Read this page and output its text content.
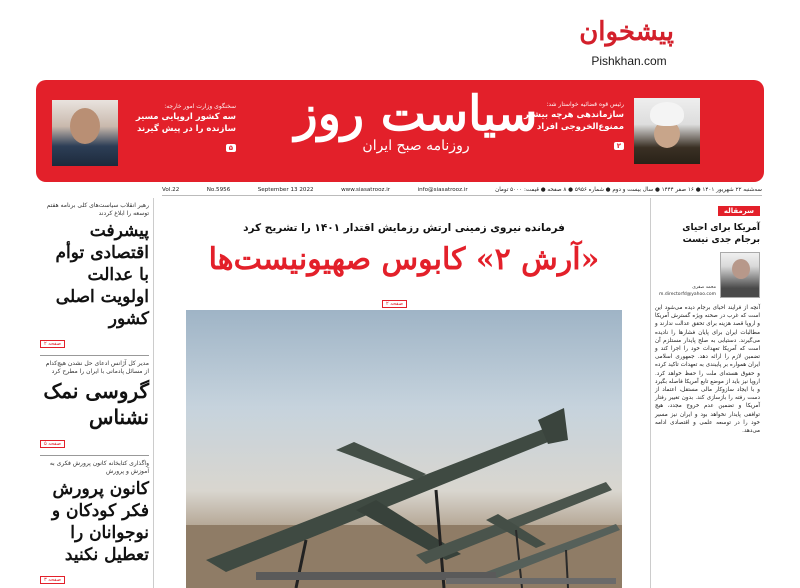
پیشخوان
Pishkhan.com
سخنگوی وزارت امور خارجه:
سه کشور اروپایی مسیر سازنده را در پیش گیرند
۵
سیاست روز
روزنامه صبح ایران
رئیس قوه قضائیه خواستار شد:
سازماندهی هرچه بیشتر ممنوع‌الخروجی افراد
۲
سه‌شنبه ۲۲ شهریور ۱۴۰۱ ● ۱۶ صفر ۱۴۴۴ ● سال بیست و دوم ● شماره ۵۹۵۶ ● ۸ صفحه ● قیمت: ۵۰۰۰ تومان
info@siasatrooz.ir
www.siasatrooz.ir
September 13 2022
No.5956
Vol.22
سرمقاله
آمریکا برای احیای برجام جدی نیست
محمد صفری
m.directorfd@yahoo.com
آنچه از فرایند احیای برجام دیده می‌شود این است که غرب در صحنه ویژه گسترش آمریکا و اروپا قصد هزینه برای تحقق عدالت ندارند و مطالبات ایران برای پایان فشارها را نادیده می‌گیرند. دستیابی به صلح پایدار مستلزم آن است که آمریکا تعهدات خود را اجرا کند و تضمین لازم را ارائه دهد. جمهوری اسلامی ایران همواره بر پایبندی به تعهدات تاکید کرده و حقوق هسته‌ای ملت را حفظ خواهد کرد. اروپا نیز باید از موضع تابع آمریکا فاصله بگیرد و با ایجاد سازوکار مالی مستقل، اعتماد از دست رفته را بازسازی کند. بدون تغییر رفتار آمریکا و تضمین عدم خروج مجدد، هیچ توافقی پایدار نخواهد بود و ایران نیز مسیر خود را در توسعه علمی و اقتصادی ادامه می‌دهد.
رهبر انقلاب سیاست‌های کلی برنامه هفتم توسعه را ابلاغ کردند
پیشرفت اقتصادی توأم با عدالت اولویت اصلی کشور
صفحه ۲
مدیر کل آژانس ادعای حل نشدن هیچ‌کدام از مسائل پادمانی با ایران را مطرح کرد
گروسی نمک نشناس
صفحه ۵
واگذاری کتابخانه کانون پرورش فکری به آموزش و پرورش
کانون پرورش فکر کودکان و نوجوانان را تعطیل نکنید
صفحه ۳
فرمانده نیروی زمینی ارتش رزمایش اقتدار ۱۴۰۱ را تشریح کرد
«آرش ۲» کابوس صهیونیست‌ها
صفحه ۲
